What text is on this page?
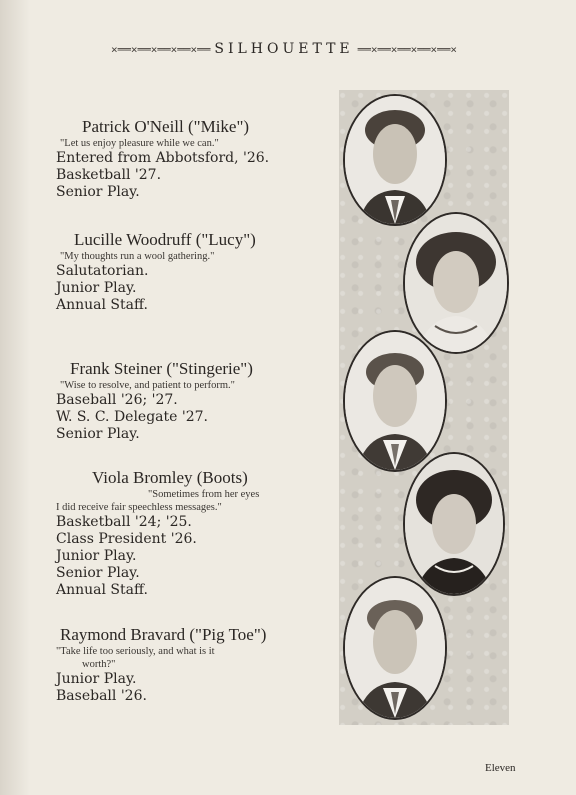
×══×══×══×══×══ SILHOUETTE ══×══×══×══×══×
Patrick O'Neill ("Mike")
"Let us enjoy pleasure while we can."
Entered from Abbotsford, '26.
Basketball '27.
Senior Play.
Lucille Woodruff ("Lucy")
"My thoughts run a wool gathering."
Salutatorian.
Junior Play.
Annual Staff.
Frank Steiner ("Stingerie")
"Wise to resolve, and patient to perform."
Baseball '26; '27.
W. S. C. Delegate '27.
Senior Play.
Viola Bromley (Boots)
"Sometimes from her eyes
I did receive fair speechless messages."
Basketball '24; '25.
Class President '26.
Junior Play.
Senior Play.
Annual Staff.
Raymond Bravard ("Pig Toe")
"Take life too seriously, and what is it
worth?"
Junior Play.
Baseball '26.
Eleven
